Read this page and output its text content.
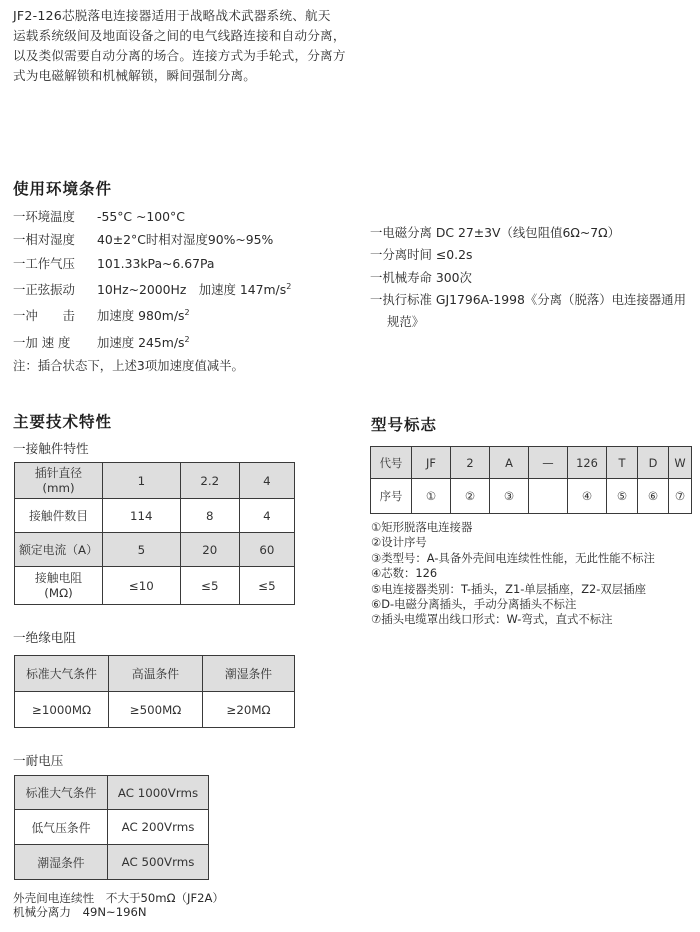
JF2-126芯脱落电连接器适用于战略战术武器系统、航天

运载系统级间及地面设备之间的电气线路连接和自动分离，

以及类似需要自动分离的场合。连接方式为手轮式，分离方

式为电磁解锁和机械解锁，瞬间强制分离。

使用环境条件
一环境温度 -55°C ~100°C
一相对湿度 40±2°C时相对湿度90%~95%
一工作气压 101.33kPa~6.67Pa
一正弦振动 10Hz~2000Hz　加速度 $147m/s^2$
一冲　　击 加速度 $980m/s^2$
一加 速 度 加速度 $245m/s^2$
注：插合状态下，上述3项加速度值减半。
一电磁分离 DC 27±3V（线包阻值6Ω~7Ω）
一分离时间 ≤0.2s
一机械寿命 300次
一执行标准 GJ1796A-1998《分离（脱落）电连接器通用规范》
主要技术特性
一接触件特性
插针直径
(mm)	1	2.2	4
接触件数目	114	8	4
额定电流（A）	5	20	60
接触电阻
(MΩ)	≤10	≤5	≤5
一绝缘电阻
标准大气条件	高温条件	潮湿条件
≥1000MΩ	≥500MΩ	≥20MΩ
一耐电压
标准大气条件	AC 1000Vrms
低气压条件	AC 200Vrms
潮湿条件	AC 500Vrms
外壳间电连续性　不大于50mΩ（JF2A）
机械分离力　49N~196N
型号标志
代号	JF	2	A	—	126	T	D	W
序号	①	②	③		④	⑤	⑥	⑦
①矩形脱落电连接器
②设计序号
③类型号：A-具备外壳间电连续性性能，无此性能不标注
④芯数：126
⑤电连接器类别：T-插头，Z1-单层插座，Z2-双层插座
⑥D-电磁分离插头，手动分离插头不标注
⑦插头电缆罩出线口形式：W-弯式，直式不标注
